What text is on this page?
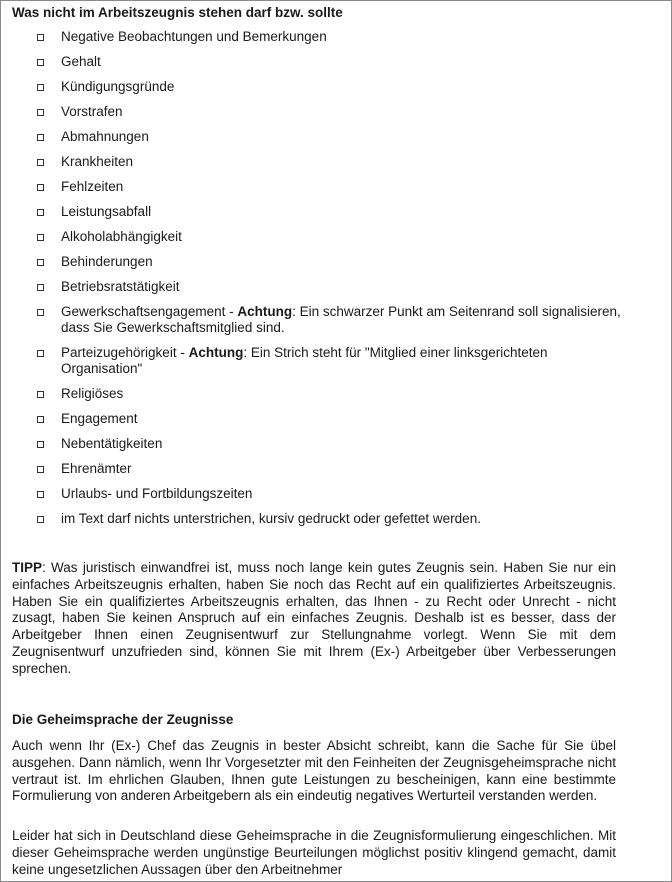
Was nicht im Arbeitszeugnis stehen darf bzw. sollte
Negative Beobachtungen und Bemerkungen
Gehalt
Kündigungsgründe
Vorstrafen
Abmahnungen
Krankheiten
Fehlzeiten
Leistungsabfall
Alkoholabhängigkeit
Behinderungen
Betriebsratstätigkeit
Gewerkschaftsengagement - Achtung: Ein schwarzer Punkt am Seitenrand soll signalisieren, dass Sie Gewerkschaftsmitglied sind.
Parteizugehörigkeit - Achtung: Ein Strich steht für "Mitglied einer linksgerichteten Organisation"
Religiöses
Engagement
Nebentätigkeiten
Ehrenämter
Urlaubs- und Fortbildungszeiten
im Text darf nichts unterstrichen, kursiv gedruckt oder gefettet werden.

TIPP: Was juristisch einwandfrei ist, muss noch lange kein gutes Zeugnis sein. Haben Sie nur ein einfaches Arbeitszeugnis erhalten, haben Sie noch das Recht auf ein qualifiziertes Arbeitszeugnis. Haben Sie ein qualifiziertes Arbeitszeugnis erhalten, das Ihnen - zu Recht oder Unrecht - nicht zusagt, haben Sie keinen Anspruch auf ein einfaches Zeugnis. Deshalb ist es besser, dass der Arbeitgeber Ihnen einen Zeugnisentwurf zur Stellungnahme vorlegt. Wenn Sie mit dem Zeugnisentwurf unzufrieden sind, können Sie mit Ihrem (Ex-) Arbeitgeber über Verbesserungen sprechen.

Die Geheimsprache der Zeugnisse

Auch wenn Ihr (Ex-) Chef das Zeugnis in bester Absicht schreibt, kann die Sache für Sie übel ausgehen. Dann nämlich, wenn Ihr Vorgesetzter mit den Feinheiten der Zeugnisgeheimsprache nicht vertraut ist. Im ehrlichen Glauben, Ihnen gute Leistungen zu bescheinigen, kann eine bestimmte Formulierung von anderen Arbeitgebern als ein eindeutig negatives Werturteil verstanden werden.

Leider hat sich in Deutschland diese Geheimsprache in die Zeugnisformulierung eingeschlichen. Mit dieser Geheimsprache werden ungünstige Beurteilungen möglichst positiv klingend gemacht, damit keine ungesetzlichen Aussagen über den Arbeitnehmer
